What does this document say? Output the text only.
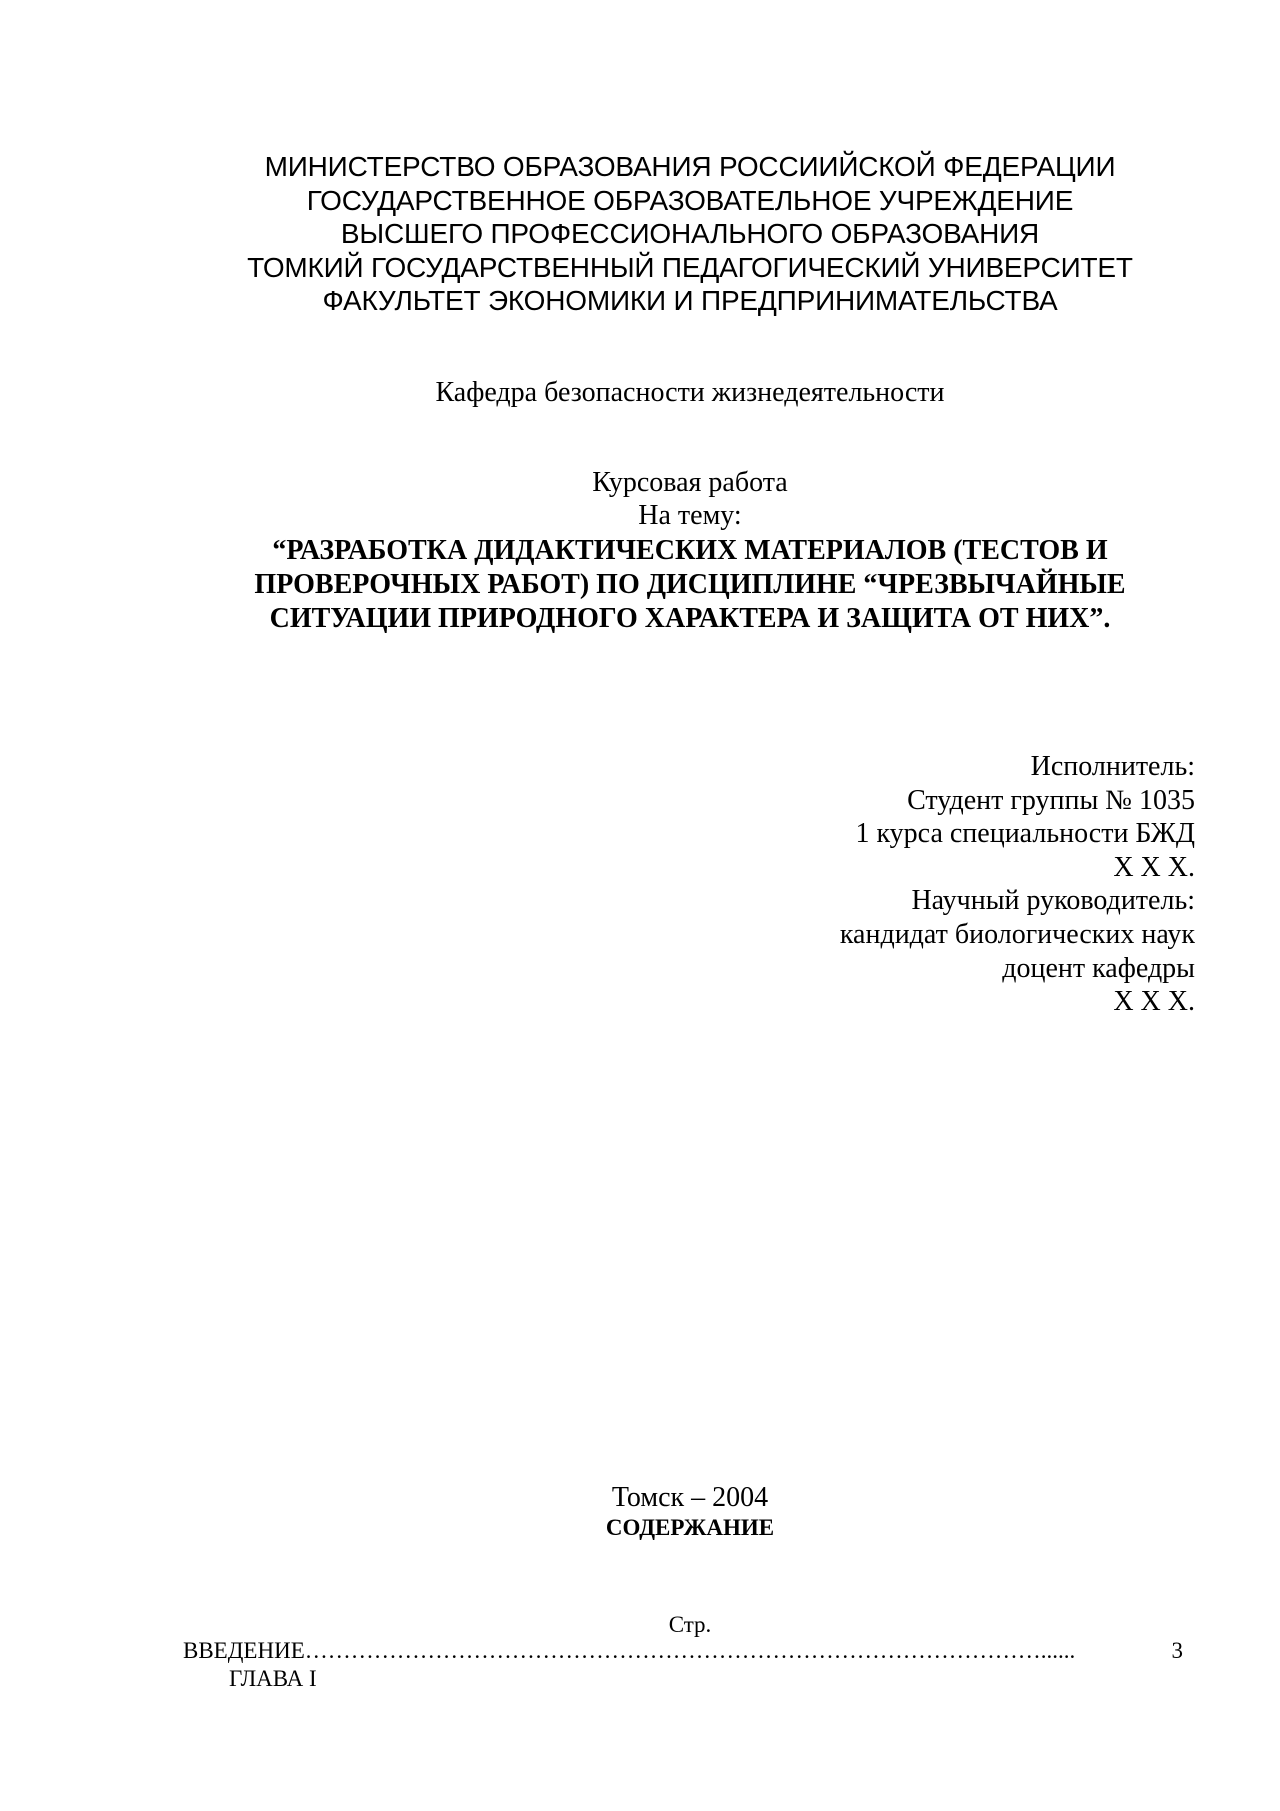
МИНИСТЕРСТВО ОБРАЗОВАНИЯ РОССИИЙСКОЙ ФЕДЕРАЦИИ
ГОСУДАРСТВЕННОЕ ОБРАЗОВАТЕЛЬНОЕ УЧРЕЖДЕНИЕ
ВЫСШЕГО ПРОФЕССИОНАЛЬНОГО ОБРАЗОВАНИЯ
ТОМКИЙ ГОСУДАРСТВЕННЫЙ ПЕДАГОГИЧЕСКИЙ УНИВЕРСИТЕТ
ФАКУЛЬТЕТ ЭКОНОМИКИ И ПРЕДПРИНИМАТЕЛЬСТВА
Кафедра безопасности жизнедеятельности
Курсовая работа
На тему:
“РАЗРАБОТКА ДИДАКТИЧЕСКИХ МАТЕРИАЛОВ (ТЕСТОВ И
ПРОВЕРОЧНЫХ РАБОТ) ПО ДИСЦИПЛИНЕ “ЧРЕЗВЫЧАЙНЫЕ
СИТУАЦИИ ПРИРОДНОГО ХАРАКТЕРА И ЗАЩИТА ОТ НИХ”.
Исполнитель:
Студент группы № 1035
1 курса специальности БЖД
Х Х Х.
Научный руководитель:
кандидат биологических наук
доцент кафедры
Х Х Х.
Томск – 2004
СОДЕРЖАНИЕ
Стр.
ВВЕДЕНИЕ ……………………………………………………………………………………......	3
ГЛАВА I
